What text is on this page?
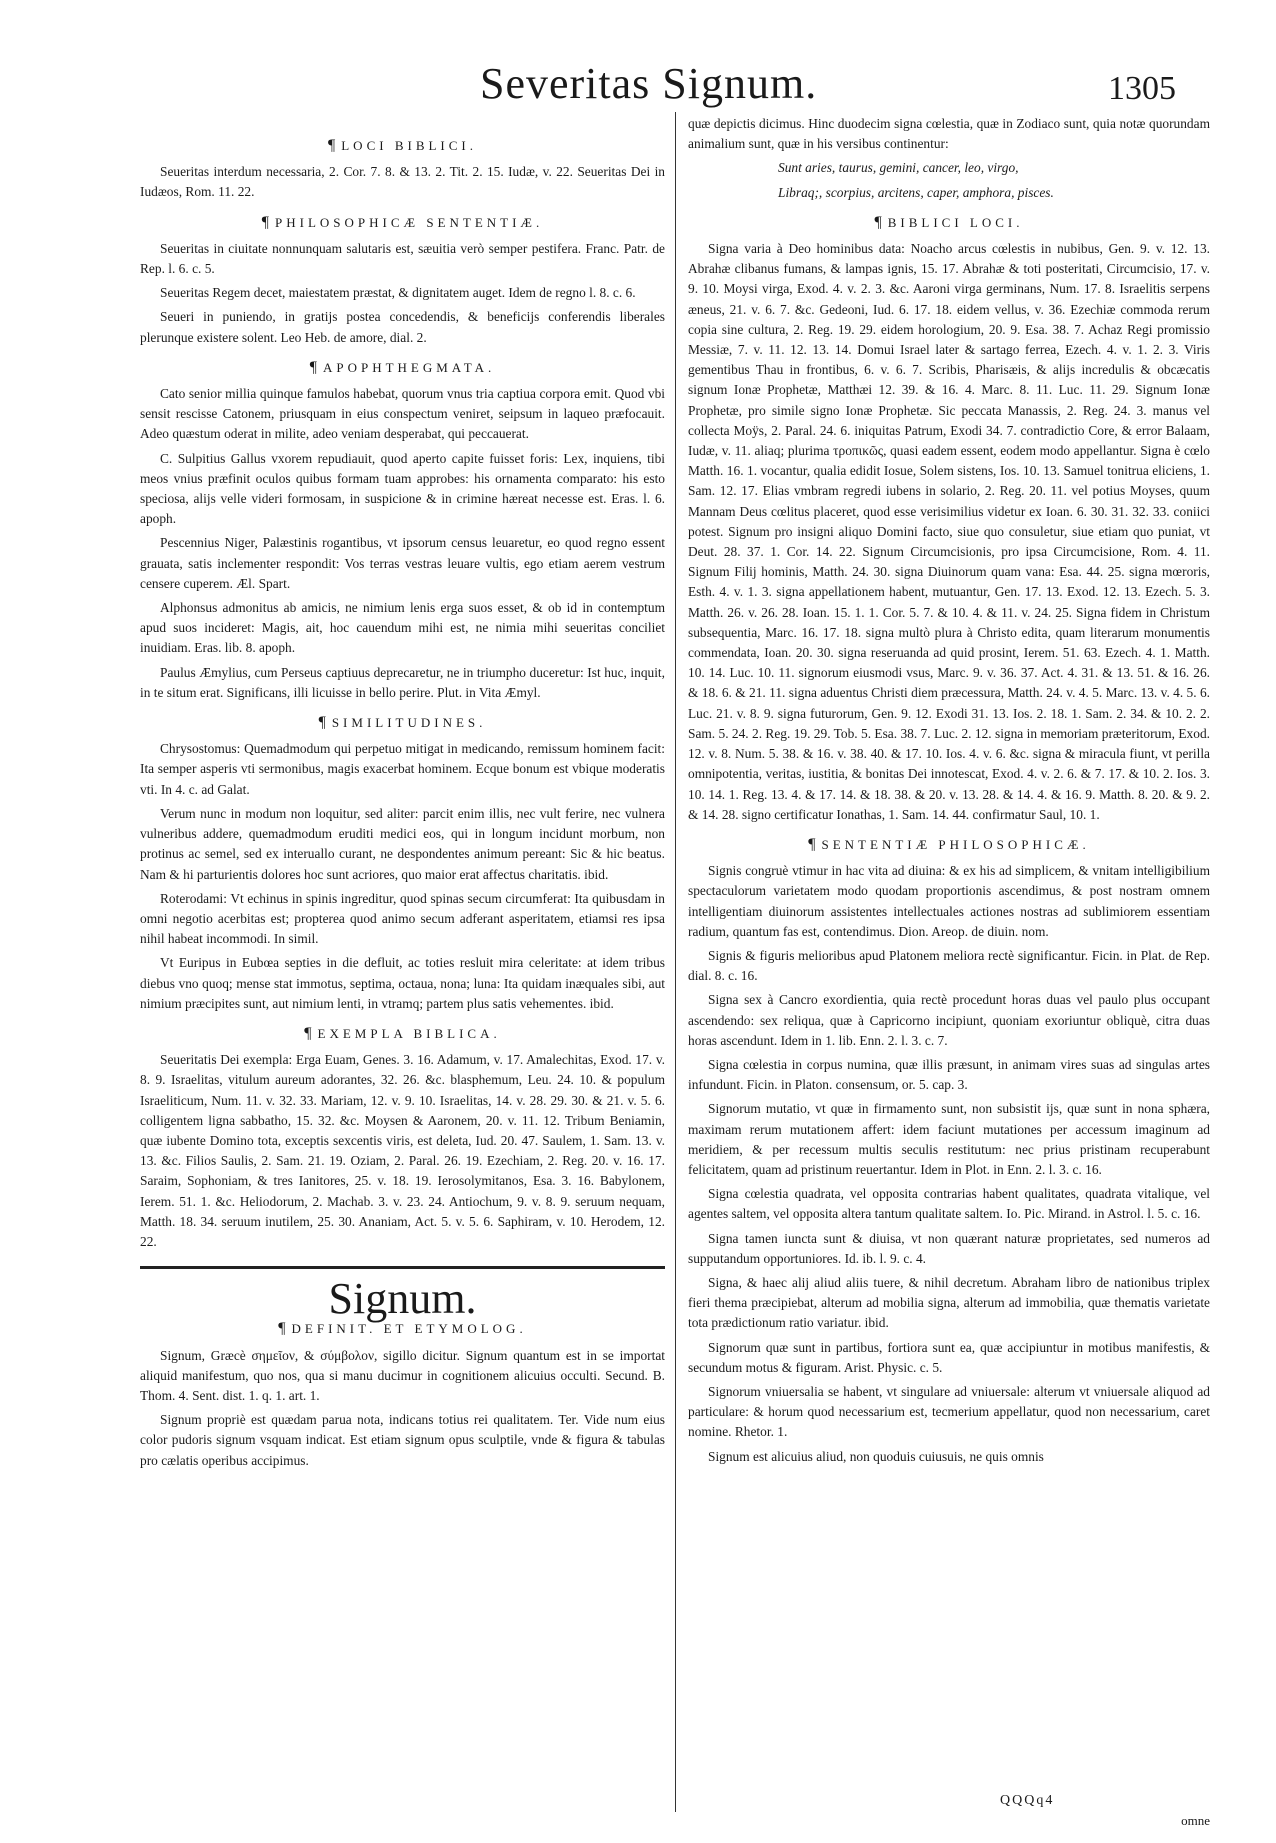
Severitas Signum.	1305
¶ LOCI BIBLICI.

Seueritas interdum necessaria, 2. Cor. 7. 8. & 13. 2. Tit. 2. 15. Iudæ, v. 22. Seueritas Dei in Iudæos, Rom. 11. 22.

¶ PHILOSOPHICÆ SENTENTIÆ.

Seueritas in ciuitate nonnunquam salutaris est, sæuitia verò semper pestifera. Franc. Patr. de Rep. l. 6. c. 5.

Seueritas Regem decet, maiestatem præstat, & dignitatem auget. Idem de regno l. 8. c. 6.

Seueri in puniendo, in gratijs postea concedendis, & beneficijs conferendis liberales plerunque existere solent. Leo Heb. de amore, dial. 2.

¶ APOPHTHEGMATA.

Cato senior millia quinque famulos habebat, quorum vnus tria captiua corpora emit. Quod vbi sensit rescisse Catonem, priusquam in eius conspectum veniret, seipsum in laqueo præfocauit. Adeo quæstum oderat in milite, adeo veniam desperabat, qui peccauerat.

C. Sulpitius Gallus vxorem repudiauit, quod aperto capite fuisset foris: Lex, inquiens, tibi meos vnius præfinit oculos quibus formam tuam approbes: his ornamenta comparato: his esto speciosa, alijs velle videri formosam, in suspicione & in crimine hæreat necesse est. Eras. l. 6. apoph.

Pescennius Niger, Palæstinis rogantibus, vt ipsorum census leuaretur, eo quod regno essent grauata, satis inclementer respondit: Vos terras vestras leuare vultis, ego etiam aerem vestrum censere cuperem. Æl. Spart.

Alphonsus admonitus ab amicis, ne nimium lenis erga suos esset, & ob id in contemptum apud suos incideret: Magis, ait, hoc cauendum mihi est, ne nimia mihi seueritas conciliet inuidiam. Eras. lib. 8. apoph.

Paulus Æmylius, cum Perseus captiuus deprecaretur, ne in triumpho duceretur: Ist huc, inquit, in te situm erat. Significans, illi licuisse in bello perire. Plut. in Vita Æmyl.

¶ SIMILITUDINES.

Chrysostomus: Quemadmodum qui perpetuo mitigat in medicando, remissum hominem facit: Ita semper asperis vti sermonibus, magis exacerbat hominem. Ecque bonum est vbique moderatis vti. In 4. c. ad Galat.

Verum nunc in modum non loquitur, sed aliter: parcit enim illis, nec vult ferire, nec vulnera vulneribus addere, quemadmodum eruditi medici eos, qui in longum incidunt morbum, non protinus ac semel, sed ex interuallo curant, ne despondentes animum pereant: Sic & hic beatus. Nam & hi parturientis dolores hoc sunt acriores, quo maior erat affectus charitatis. ibid.

Roterodami: Vt echinus in spinis ingreditur, quod spinas secum circumferat: Ita quibusdam in omni negotio acerbitas est; propterea quod animo secum adferant asperitatem, etiamsi res ipsa nihil habeat incommodi. In simil.

Vt Euripus in Eubœa septies in die defluit, ac toties resluit mira celeritate: at idem tribus diebus vno quoq; mense stat immotus, septima, octaua, nona; luna: Ita quidam inæquales sibi, aut nimium præcipites sunt, aut nimium lenti, in vtramq; partem plus satis vehementes. ibid.

¶ EXEMPLA BIBLICA.

Seueritatis Dei exempla: Erga Euam, Genes. 3. 16. Adamum, v. 17. Amalechitas, Exod. 17. v. 8. 9. Israelitas, vitulum aureum adorantes, 32. 26. &c. blasphemum, Leu. 24. 10. & populum Israeliticum, Num. 11. v. 32. 33. Mariam, 12. v. 9. 10. Israelitas, 14. v. 28. 29. 30. & 21. v. 5. 6. colligentem ligna sabbatho, 15. 32. &c. Moysen & Aaronem, 20. v. 11. 12. Tribum Beniamin, quæ iubente Domino tota, exceptis sexcentis viris, est deleta, Iud. 20. 47. Saulem, 1. Sam. 13. v. 13. &c. Filios Saulis, 2. Sam. 21. 19. Oziam, 2. Paral. 26. 19. Ezechiam, 2. Reg. 20. v. 16. 17. Saraim, Sophoniam, & tres Ianitores, 25. v. 18. 19. Ierosolymitanos, Esa. 3. 16. Babylonem, Ierem. 51. 1. &c. Heliodorum, 2. Machab. 3. v. 23. 24. Antiochum, 9. v. 8. 9. seruum nequam, Matth. 18. 34. seruum inutilem, 25. 30. Ananiam, Act. 5. v. 5. 6. Saphiram, v. 10. Herodem, 12. 22.

Signum.
¶ DEFINIT. ET ETYMOLOG.

Signum, Græcè σημεῖον, & σύμβολον, sigillo dicitur. Signum quantum est in se importat aliquid manifestum, quo nos, qua si manu ducimur in cognitionem alicuius occulti. Secund. B. Thom. 4. Sent. dist. 1. q. 1. art. 1.

Signum propriè est quædam parua nota, indicans totius rei qualitatem. Ter. Vide num eius color pudoris signum vsquam indicat. Est etiam signum opus sculptile, vnde & figura & tabulas pro cælatis operibus accipimus.

quæ depictis dicimus. Hinc duodecim signa cœlestia, quæ in Zodiaco sunt, quia notæ quorundam animalium sunt, quæ in his versibus continentur:

Sunt aries, taurus, gemini, cancer, leo, virgo,

Libraq;, scorpius, arcitens, caper, amphora, pisces.

¶ BIBLICI LOCI.

Signa varia à Deo hominibus data: Noacho arcus cœlestis in nubibus, Gen. 9. v. 12. 13. Abrahæ clibanus fumans, & lampas ignis, 15. 17. Abrahæ & toti posteritati, Circumcisio, 17. v. 9. 10. Moysi virga, Exod. 4. v. 2. 3. &c. Aaroni virga germinans, Num. 17. 8. Israelitis serpens æneus, 21. v. 6. 7. &c. Gedeoni, Iud. 6. 17. 18. eidem vellus, v. 36. Ezechiæ commoda rerum copia sine cultura, 2. Reg. 19. 29. eidem horologium, 20. 9. Esa. 38. 7. Achaz Regi promissio Messiæ, 7. v. 11. 12. 13. 14. Domui Israel later & sartago ferrea, Ezech. 4. v. 1. 2. 3. Viris gementibus Thau in frontibus, 6. v. 6. 7. Scribis, Pharisæis, & alijs incredulis & obcæcatis signum Ionæ Prophetæ, Matthæi 12. 39. & 16. 4. Marc. 8. 11. Luc. 11. 29. Signum Ionæ Prophetæ, pro simile signo Ionæ Prophetæ. Sic peccata Manassis, 2. Reg. 24. 3. manus vel collecta Moÿs, 2. Paral. 24. 6. iniquitas Patrum, Exodi 34. 7. contradictio Core, & error Balaam, Iudæ, v. 11. aliaq; plurima τροπικῶς, quasi eadem essent, eodem modo appellantur. Signa è cœlo Matth. 16. 1. vocantur, qualia edidit Iosue, Solem sistens, Ios. 10. 13. Samuel tonitrua eliciens, 1. Sam. 12. 17. Elias vmbram regredi iubens in solario, 2. Reg. 20. 11. vel potius Moyses, quum Mannam Deus cœlitus placeret, quod esse verisimilius videtur ex Ioan. 6. 30. 31. 32. 33. coniici potest. Signum pro insigni aliquo Domini facto, siue quo consuletur, siue etiam quo puniat, vt Deut. 28. 37. 1. Cor. 14. 22. Signum Circumcisionis, pro ipsa Circumcisione, Rom. 4. 11. Signum Filij hominis, Matth. 24. 30. signa Diuinorum quam vana: Esa. 44. 25. signa mœroris, Esth. 4. v. 1. 3. signa appellationem habent, mutuantur, Gen. 17. 13. Exod. 12. 13. Ezech. 5. 3. Matth. 26. v. 26. 28. Ioan. 15. 1. 1. Cor. 5. 7. & 10. 4. & 11. v. 24. 25. Signa fidem in Christum subsequentia, Marc. 16. 17. 18. signa multò plura à Christo edita, quam literarum monumentis commendata, Ioan. 20. 30. signa reseruanda ad quid prosint, Ierem. 51. 63. Ezech. 4. 1. Matth. 10. 14. Luc. 10. 11. signorum eiusmodi vsus, Marc. 9. v. 36. 37. Act. 4. 31. & 13. 51. & 16. 26. & 18. 6. & 21. 11. signa aduentus Christi diem præcessura, Matth. 24. v. 4. 5. Marc. 13. v. 4. 5. 6. Luc. 21. v. 8. 9. signa futurorum, Gen. 9. 12. Exodi 31. 13. Ios. 2. 18. 1. Sam. 2. 34. & 10. 2. 2. Sam. 5. 24. 2. Reg. 19. 29. Tob. 5. Esa. 38. 7. Luc. 2. 12. signa in memoriam præteritorum, Exod. 12. v. 8. Num. 5. 38. & 16. v. 38. 40. & 17. 10. Ios. 4. v. 6. &c. signa & miracula fiunt, vt perilla omnipotentia, veritas, iustitia, & bonitas Dei innotescat, Exod. 4. v. 2. 6. & 7. 17. & 10. 2. Ios. 3. 10. 14. 1. Reg. 13. 4. & 17. 14. & 18. 38. & 20. v. 13. 28. & 14. 4. & 16. 9. Matth. 8. 20. & 9. 2. & 14. 28. signo certificatur Ionathas, 1. Sam. 14. 44. confirmatur Saul, 10. 1.

¶ SENTENTIÆ PHILOSOPHICÆ.

Signis congruè vtimur in hac vita ad diuina: & ex his ad simplicem, & vnitam intelligibilium spectaculorum varietatem modo quodam proportionis ascendimus, & post nostram omnem intelligentiam diuinorum assistentes intellectuales actiones nostras ad sublimiorem essentiam radium, quantum fas est, contendimus. Dion. Areop. de diuin. nom.

Signis & figuris melioribus apud Platonem meliora rectè significantur. Ficin. in Plat. de Rep. dial. 8. c. 16.

Signa sex à Cancro exordientia, quia rectè procedunt horas duas vel paulo plus occupant ascendendo: sex reliqua, quæ à Capricorno incipiunt, quoniam exoriuntur obliquè, citra duas horas ascendunt. Idem in 1. lib. Enn. 2. l. 3. c. 7.

Signa cœlestia in corpus numina, quæ illis præsunt, in animam vires suas ad singulas artes infundunt. Ficin. in Platon. consensum, or. 5. cap. 3.

Signorum mutatio, vt quæ in firmamento sunt, non subsistit ijs, quæ sunt in nona sphæra, maximam rerum mutationem affert: idem faciunt mutationes per accessum imaginum ad meridiem, & per recessum multis seculis restitutum: nec prius pristinam recuperabunt felicitatem, quam ad pristinum reuertantur. Idem in Plot. in Enn. 2. l. 3. c. 16.

Signa cœlestia quadrata, vel opposita contrarias habent qualitates, quadrata vitalique, vel agentes saltem, vel opposita altera tantum qualitate saltem. Io. Pic. Mirand. in Astrol. l. 5. c. 16.

Signa tamen iuncta sunt & diuisa, vt non quærant naturæ proprietates, sed numeros ad supputandum opportuniores. Id. ib. l. 9. c. 4.

Signa, & haec alij aliud aliis tuere, & nihil decretum. Abraham libro de nationibus triplex fieri thema præcipiebat, alterum ad mobilia signa, alterum ad immobilia, quæ thematis varietate tota prædictionum ratio variatur. ibid.

Signorum quæ sunt in partibus, fortiora sunt ea, quæ accipiuntur in motibus manifestis, & secundum motus & figuram. Arist. Physic. c. 5.

Signorum vniuersalia se habent, vt singulare ad vniuersale: alterum vt vniuersale aliquod ad particulare: & horum quod necessarium est, tecmerium appellatur, quod non necessarium, caret nomine. Rhetor. 1.

Signum est alicuius aliud, non quoduis cuiusuis, ne quis omnis

QQQq4
omne
